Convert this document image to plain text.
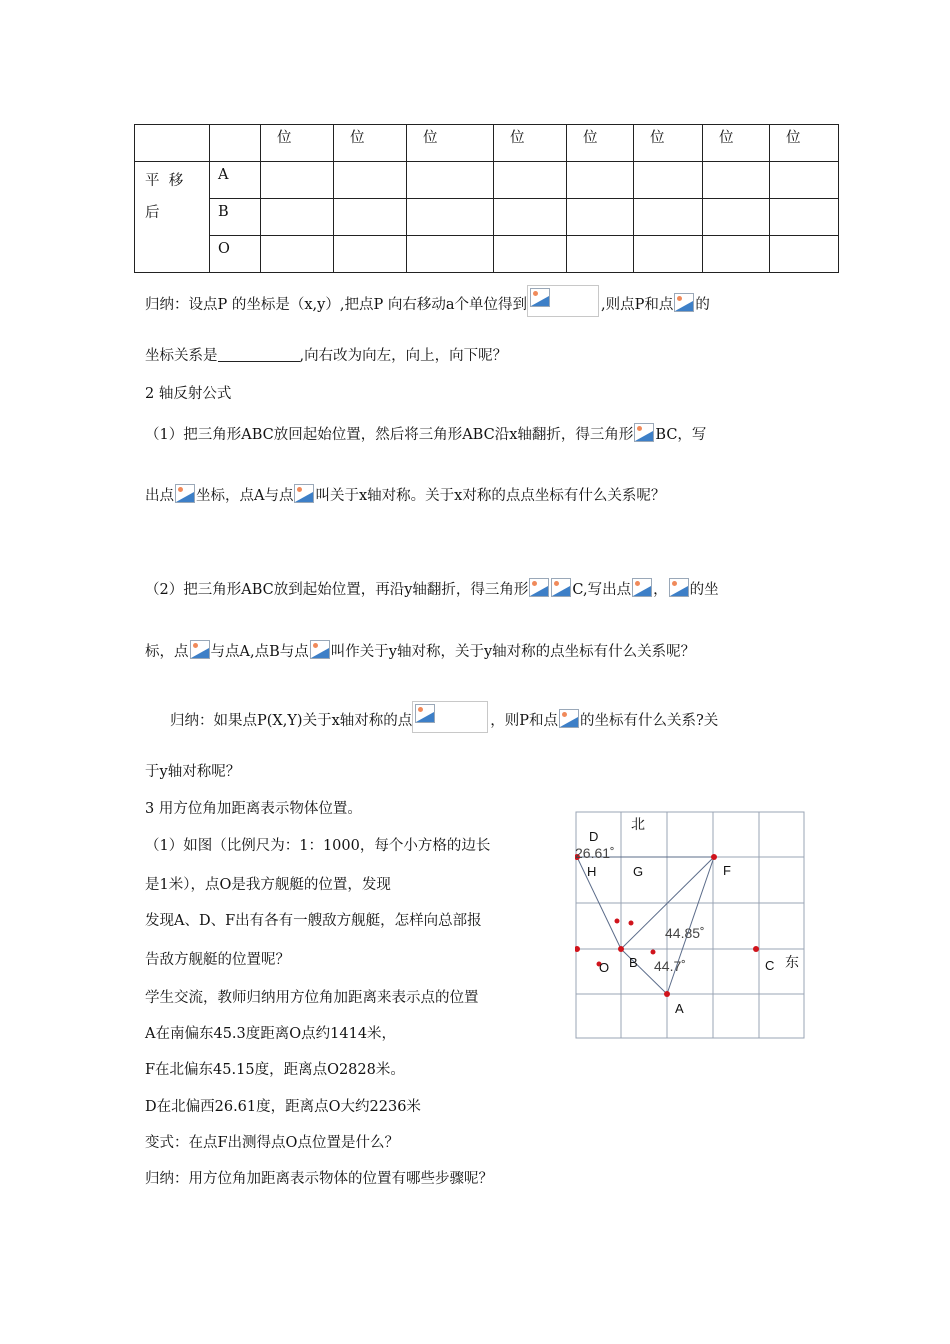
		位	位	位	位	位	位	位	位

平  移
后	A								
	B								
	O								
归纳：设点P 的坐标是（x,y）,把点P 向右移动a个单位得到	,则点P和点 的
坐标关系是	,向右改为向左，向上，向下呢？
2 轴反射公式
（1）把三角形ABC放回起始位置，然后将三角形ABC沿x轴翻折，得三角形 BC，写
出点 坐标，点A与点 叫关于x轴对称。关于x对称的点点坐标有什么关系呢？
（2）把三角形ABC放到起始位置，再沿y轴翻折，得三角形	C,写出点 ， 的坐
标，点 与点A,点B与点 叫作关于y轴对称，关于y轴对称的点坐标有什么关系呢？
归纳：如果点P(X,Y)关于x轴对称的点	，则P和点 的坐标有什么关系?关
于y轴对称呢？
3 用方位角加距离表示物体位置。
（1）如图（比例尺为：1：1000，每个小方格的边长
是1米），点O是我方舰艇的位置，发现
发现A、D、F出有各有一艘敌方舰艇，怎样向总部报
告敌方舰艇的位置呢？
学生交流，教师归纳用方位角加距离来表示点的位置
A在南偏东45.3度距离O点约1414米，
F在北偏东45.15度，距离点O2828米。
D在北偏西26.61度，距离点O大约2236米
变式：在点F出测得点O点位置是什么？
归纳：用方位角加距离表示物体的位置有哪些步骤呢？
D
北
26.61˚
H	G	F
44.85˚
O B 44.7˚	C 东
A
